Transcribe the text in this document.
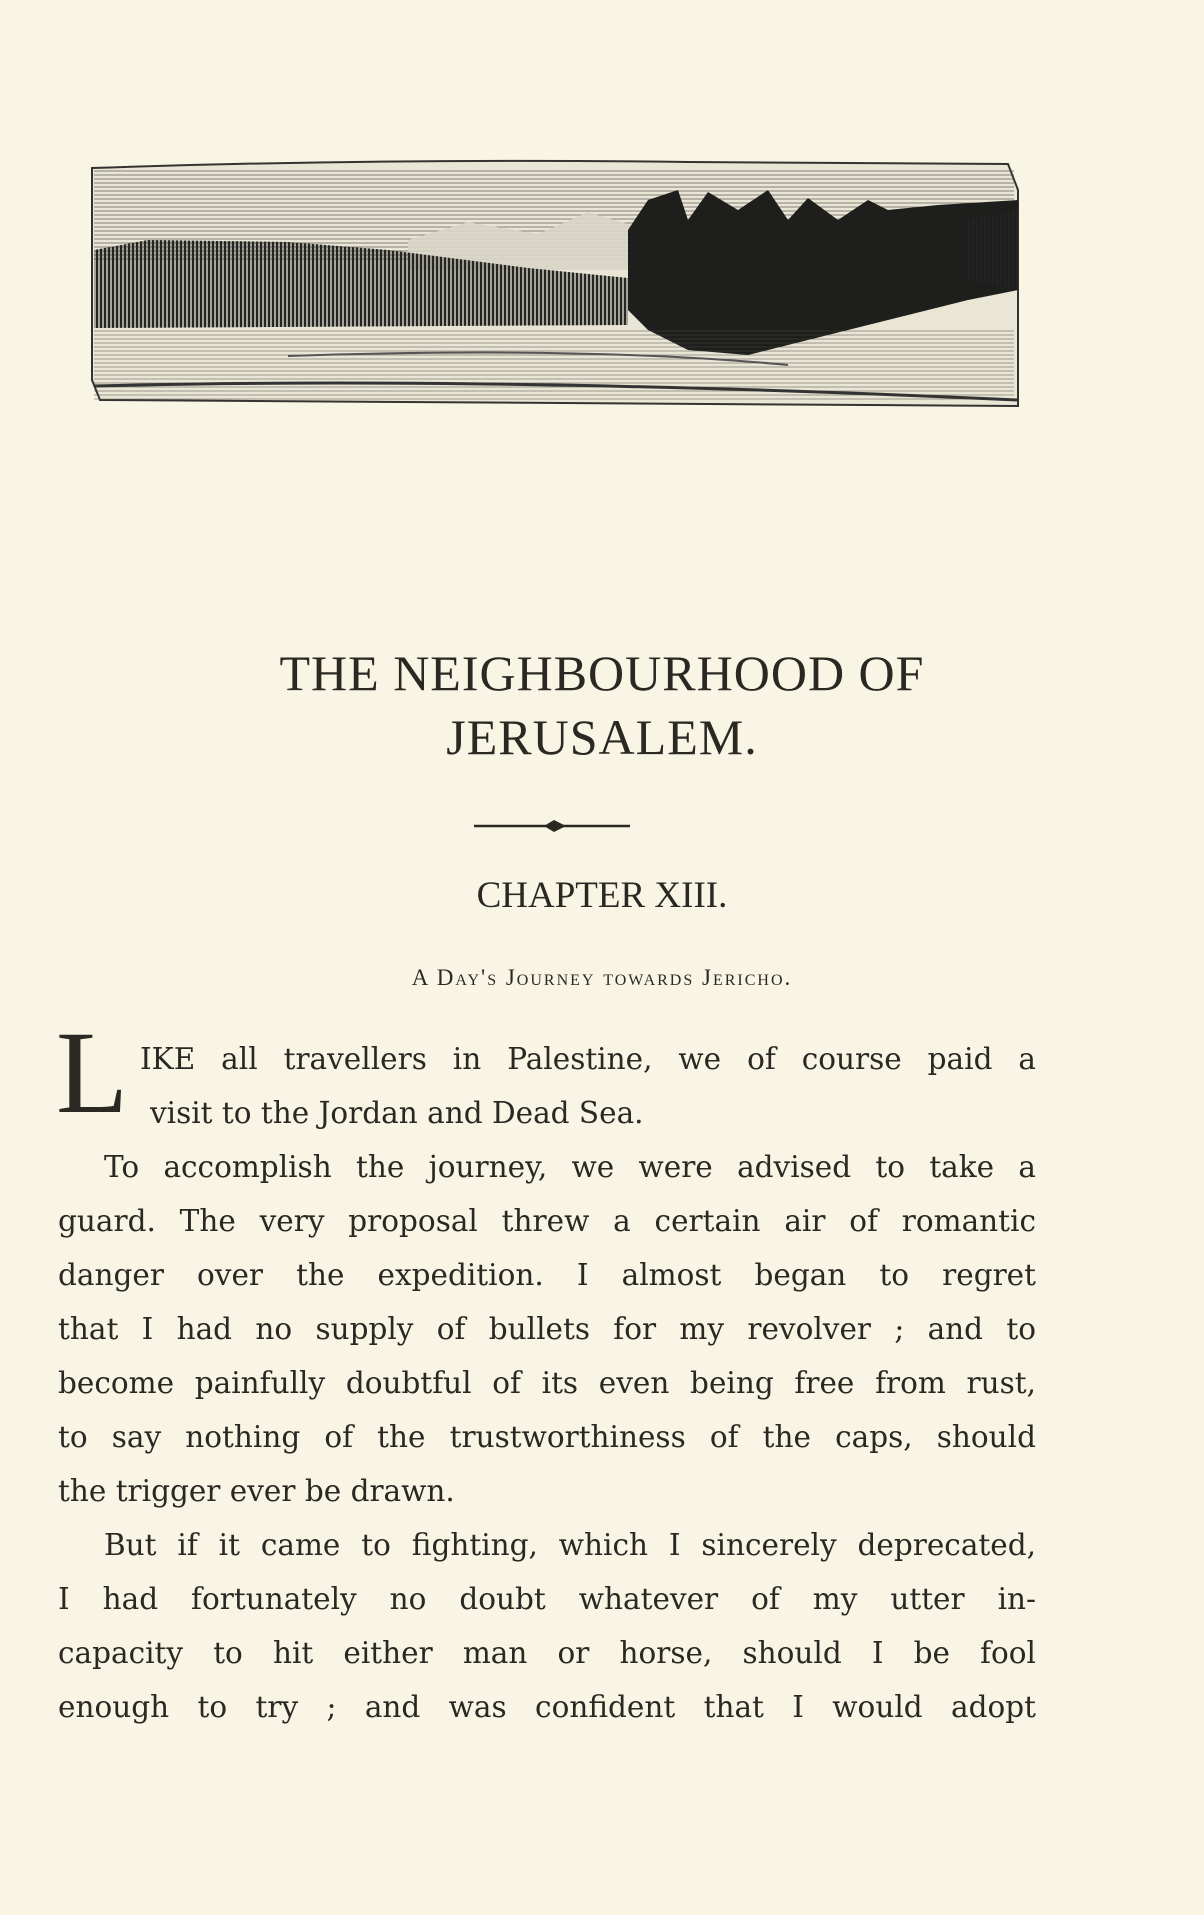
THE NEIGHBOURHOOD OF
JERUSALEM.
CHAPTER XIII.
A Day's Journey towards Jericho.
L IKE all travellers in Palestine, we of course paid a
visit to the Jordan and Dead Sea.
To accomplish the journey, we were advised to take a
guard. The very proposal threw a certain air of romantic
danger over the expedition. I almost began to regret
that I had no supply of bullets for my revolver ; and to
become painfully doubtful of its even being free from rust,
to say nothing of the trustworthiness of the caps, should
the trigger ever be drawn.
But if it came to fighting, which I sincerely deprecated,
I had fortunately no doubt whatever of my utter in-
capacity to hit either man or horse, should I be fool
enough to try ; and was confident that I would adopt
